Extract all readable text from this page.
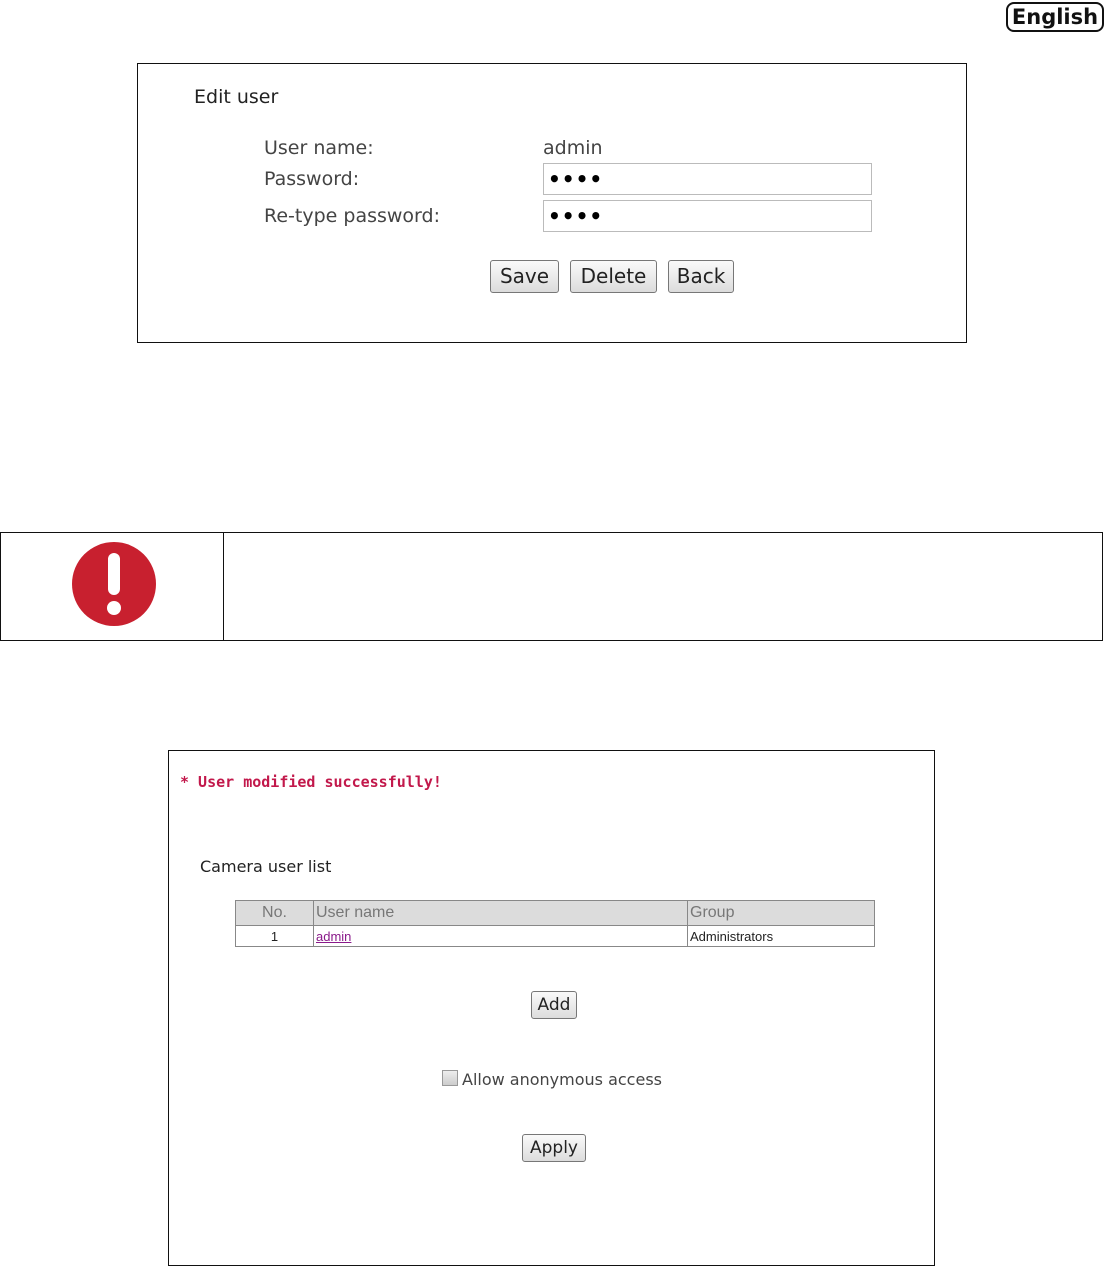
English
Edit user
User name:	admin
Password:	••••
Re-type password:	••••
Save	Delete	Back
* User modified successfully!
Camera user list
No.	User name	Group
1	admin	Administrators
Add
Allow anonymous access
Apply
